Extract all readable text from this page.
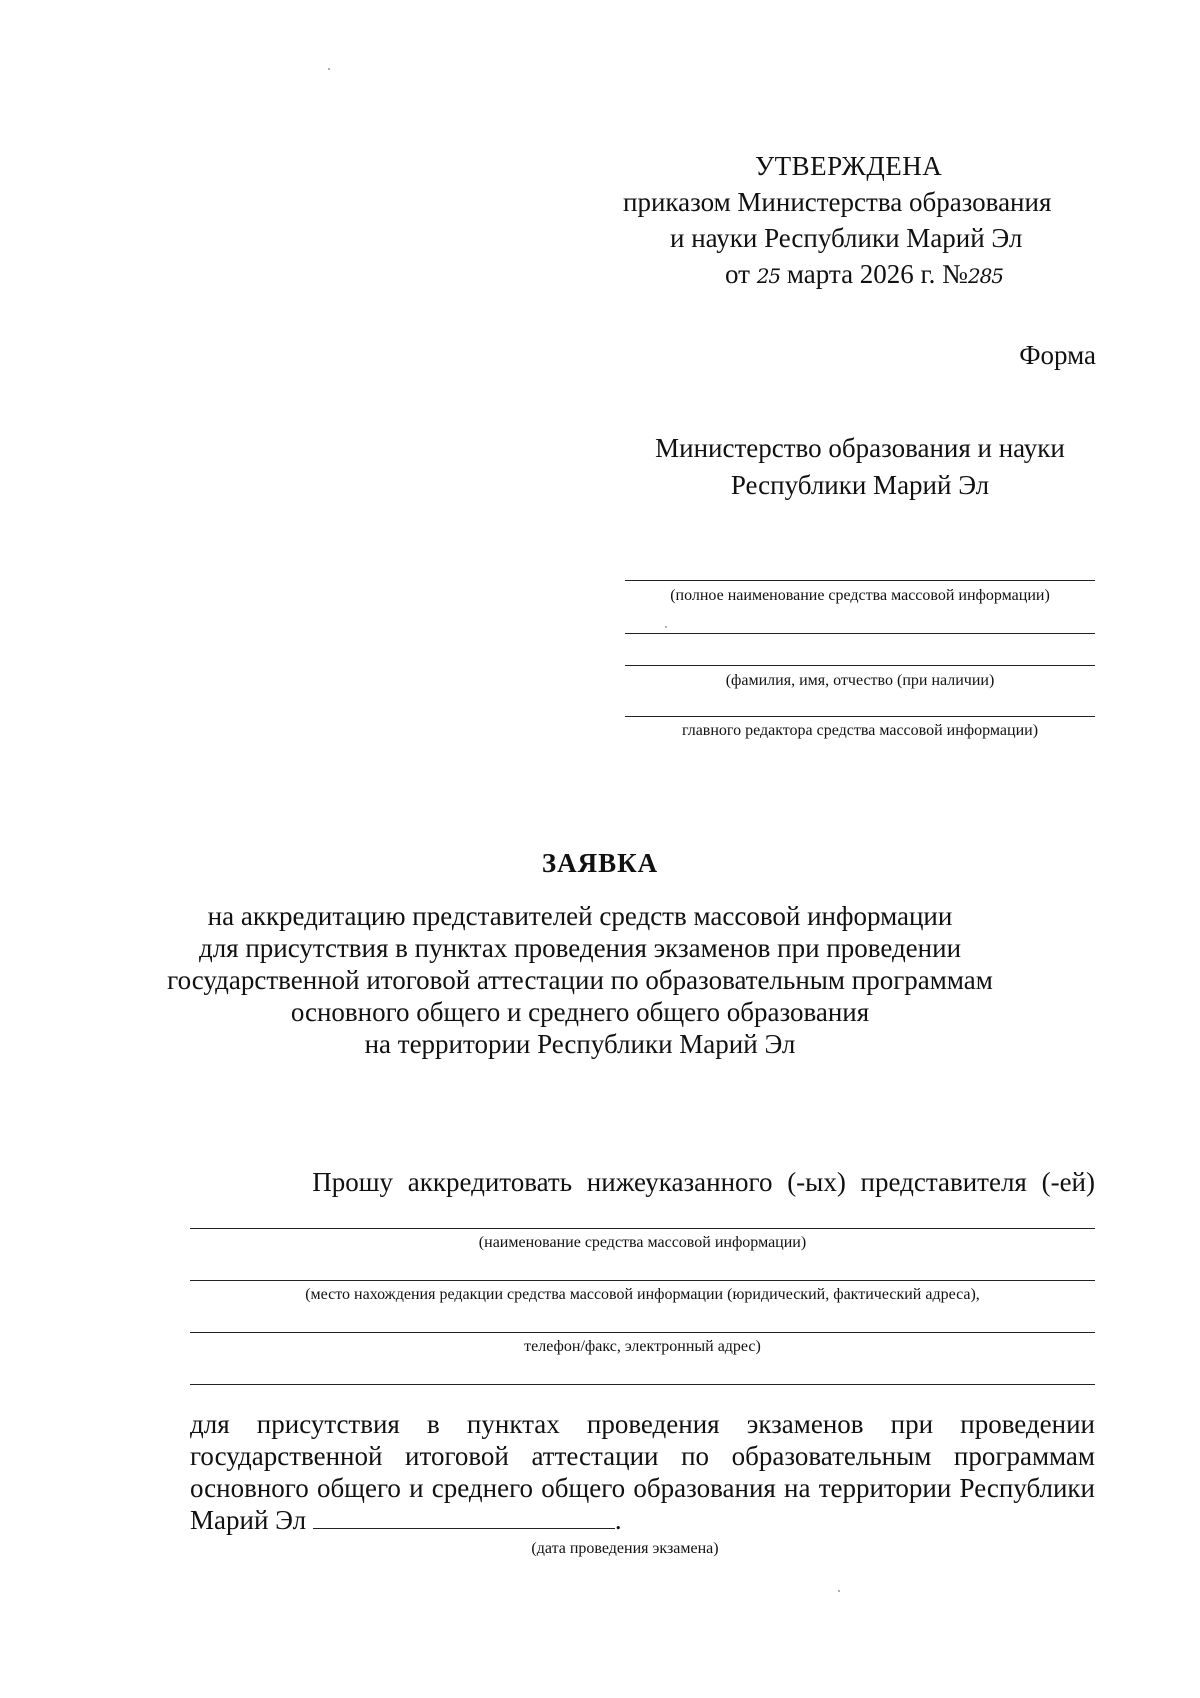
УТВЕРЖДЕНА
приказом Министерства образования
и науки Республики Марий Эл
от 25 марта 2026 г. №285
Форма
Министерство образования и науки
Республики Марий Эл
(полное наименование средства массовой информации)
(фамилия, имя, отчество (при наличии)
главного редактора средства массовой информации)
ЗАЯВКА
на аккредитацию представителей средств массовой информации
для присутствия в пунктах проведения экзаменов при проведении
государственной итоговой аттестации по образовательным программам
основного общего и среднего общего образования
на территории Республики Марий Эл
Прошу аккредитовать нижеуказанного (-ых) представителя (-ей)
(наименование средства массовой информации)
(место нахождения редакции средства массовой информации (юридический, фактический адреса),
телефон/факс, электронный адрес)
для присутствия в пунктах проведения экзаменов при проведении государственной итоговой аттестации по образовательным программам основного общего и среднего общего образования на территории Республики Марий Эл	.
(дата проведения экзамена)
